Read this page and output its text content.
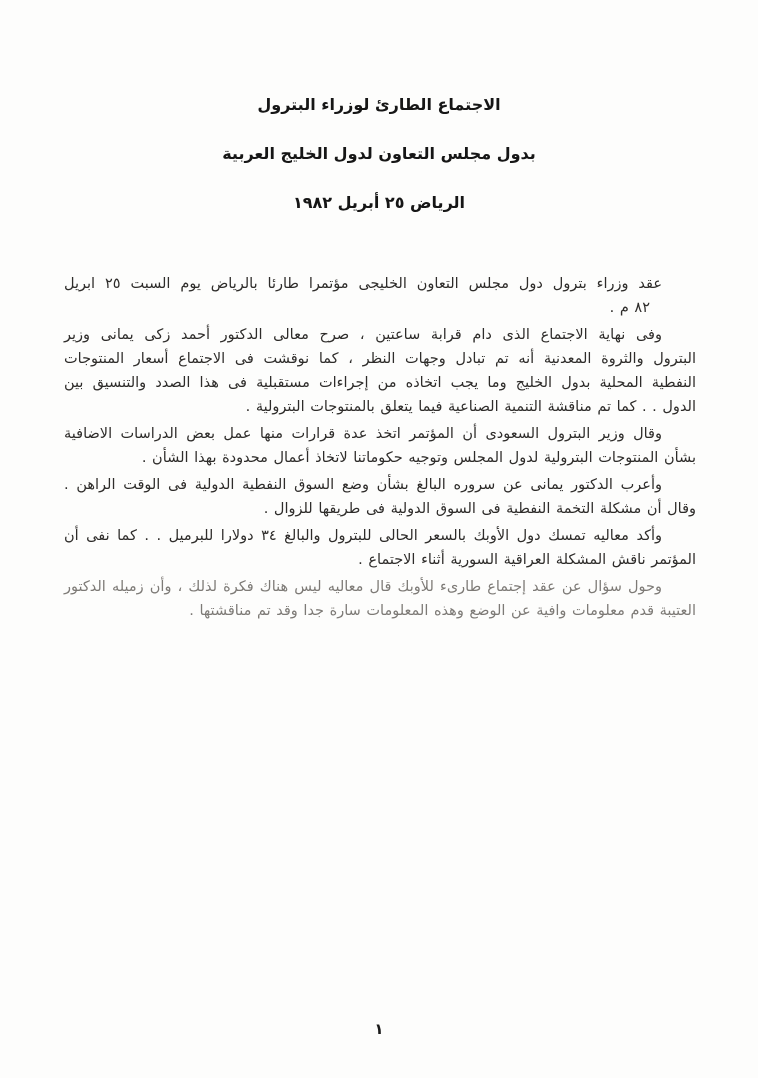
الاجتماع الطارئ لوزراء البترول
بدول مجلس التعاون لدول الخليج العربية
الرياض ٢٥ أبريل ١٩٨٢
عقد وزراء بترول دول مجلس التعاون الخليجى مؤتمرا طارئا بالرياض يوم السبت ٢٥ ابريل
٨٢ م .
وفى نهاية الاجتماع الذى دام قرابة ساعتين ، صرح معالى الدكتور أحمد زكى يمانى وزير
البترول والثروة المعدنية أنه تم تبادل وجهات النظر ، كما نوقشت فى الاجتماع أسعار المنتوجات
النفطية المحلية بدول الخليج وما يجب اتخاذه من إجراءات مستقبلية فى هذا الصدد والتنسيق بين
الدول . . كما تم مناقشة التنمية الصناعية فيما يتعلق بالمنتوجات البترولية .
وقال وزير البترول السعودى أن المؤتمر اتخذ عدة قرارات منها عمل بعض الدراسات الاضافية
بشأن المنتوجات البترولية لدول المجلس وتوجيه حكوماتنا لاتخاذ أعمال محدودة بهذا الشأن .
وأعرب الدكتور يمانى عن سروره البالغ بشأن وضع السوق النفطية الدولية فى الوقت الراهن .
وقال أن مشكلة التخمة النفطية فى السوق الدولية فى طريقها للزوال .
وأكد معاليه تمسك دول الأوبك بالسعر الحالى للبترول والبالغ ٣٤ دولارا للبرميل . . كما نفى أن
المؤتمر ناقش المشكلة العراقية السورية أثناء الاجتماع .
وحول سؤال عن عقد إجتماع طارىء للأوبك قال معاليه ليس هناك فكرة لذلك ، وأن زميله الدكتور
العتيبة قدم معلومات وافية عن الوضع وهذه المعلومات سارة جدا وقد تم مناقشتها .
١
